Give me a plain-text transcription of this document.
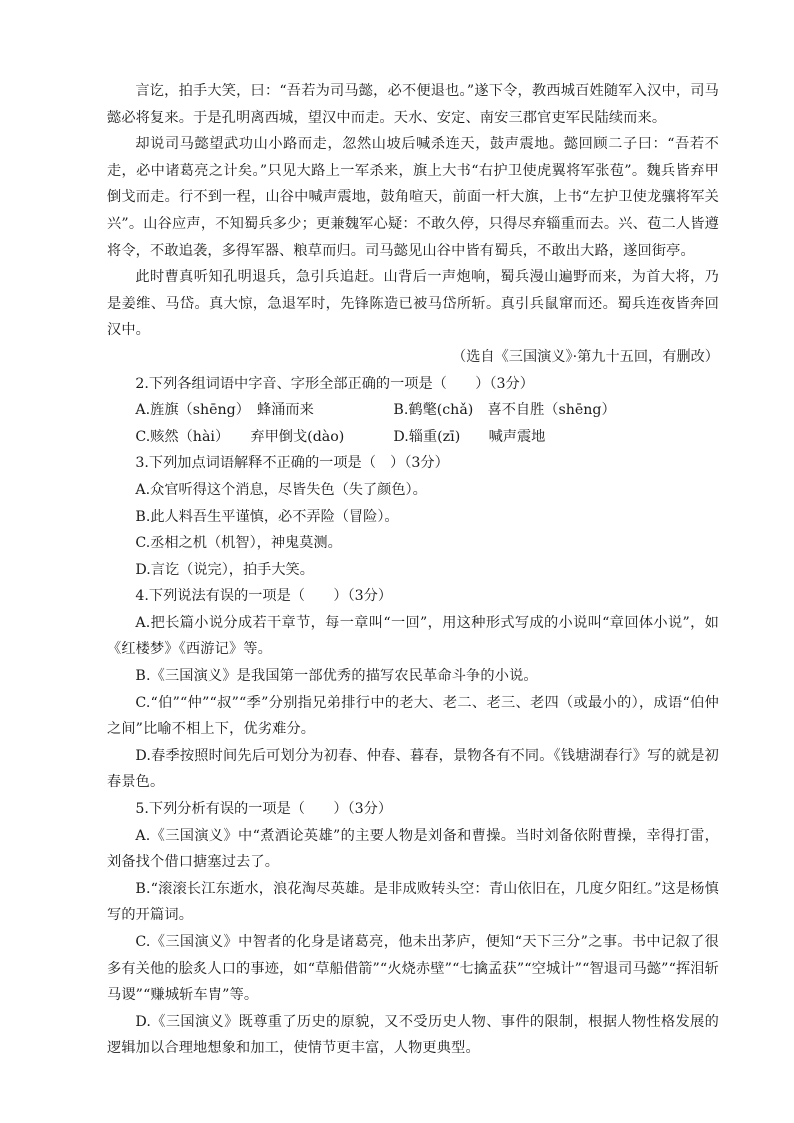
言讫，拍手大笑，曰：“吾若为司马懿，必不便退也。”遂下令，教西城百姓随军入汉中，司马懿必将复来。于是孔明离西城，望汉中而走。天水、安定、南安三郡官吏军民陆续而来。

却说司马懿望武功山小路而走，忽然山坡后喊杀连天，鼓声震地。懿回顾二子曰：“吾若不走，必中诸葛亮之计矣。”只见大路上一军杀来，旗上大书“右护卫使虎翼将军张苞”。魏兵皆弃甲倒戈而走。行不到一程，山谷中喊声震地，鼓角喧天，前面一杆大旗，上书“左护卫使龙骧将军关兴”。山谷应声，不知蜀兵多少；更兼魏军心疑：不敢久停，只得尽弃辎重而去。兴、苞二人皆遵将令，不敢追袭，多得军器、粮草而归。司马懿见山谷中皆有蜀兵，不敢出大路，遂回街亭。

此时曹真听知孔明退兵，急引兵追赶。山背后一声炮响，蜀兵漫山遍野而来，为首大将，乃是姜维、马岱。真大惊，急退军时，先锋陈造已被马岱所斩。真引兵鼠窜而还。蜀兵连夜皆奔回汉中。

（选自《三国演义》·第九十五回，有删改）

2.下列各组词语中字音、字形全部正确的一项是（　　）（3分）

A.旌旗（shēng）　蜂涌而来	B.鹤氅(chǎ)　喜不自胜（shēng）
C.赅然（hài）　　弃甲倒戈(dào)	D.辎重(zī)　　喊声震地

3.下列加点词语解释不正确的一项是（　）（3分）

A.众官听得这个消息，尽皆失色（失了颜色）。

B.此人料吾生平谨慎，必不弄险（冒险）。

C.丞相之机（机智），神鬼莫测。

D.言讫（说完），拍手大笑。

4.下列说法有误的一项是（　　）（3分）

A.把长篇小说分成若干章节，每一章叫“一回”，用这种形式写成的小说叫“章回体小说”，如《红楼梦》《西游记》等。

B.《三国演义》是我国第一部优秀的描写农民革命斗争的小说。

C.“伯”“仲”“叔”“季”分别指兄弟排行中的老大、老二、老三、老四（或最小的），成语“伯仲之间”比喻不相上下，优劣难分。

D.春季按照时间先后可划分为初春、仲春、暮春，景物各有不同。《钱塘湖春行》写的就是初春景色。

5.下列分析有误的一项是（　　）（3分）

A.《三国演义》中“煮酒论英雄”的主要人物是刘备和曹操。当时刘备依附曹操，幸得打雷，刘备找个借口搪塞过去了。

B.“滚滚长江东逝水，浪花淘尽英雄。是非成败转头空：青山依旧在，几度夕阳红。”这是杨慎写的开篇词。

C.《三国演义》中智者的化身是诸葛亮，他未出茅庐，便知“天下三分”之事。书中记叙了很多有关他的脍炙人口的事迹，如“草船借箭”“火烧赤壁”“七擒孟获”“空城计”“智退司马懿”“挥泪斩马谡”“赚城斩车胄”等。

D.《三国演义》既尊重了历史的原貌，又不受历史人物、事件的限制，根据人物性格发展的逻辑加以合理地想象和加工，使情节更丰富，人物更典型。
